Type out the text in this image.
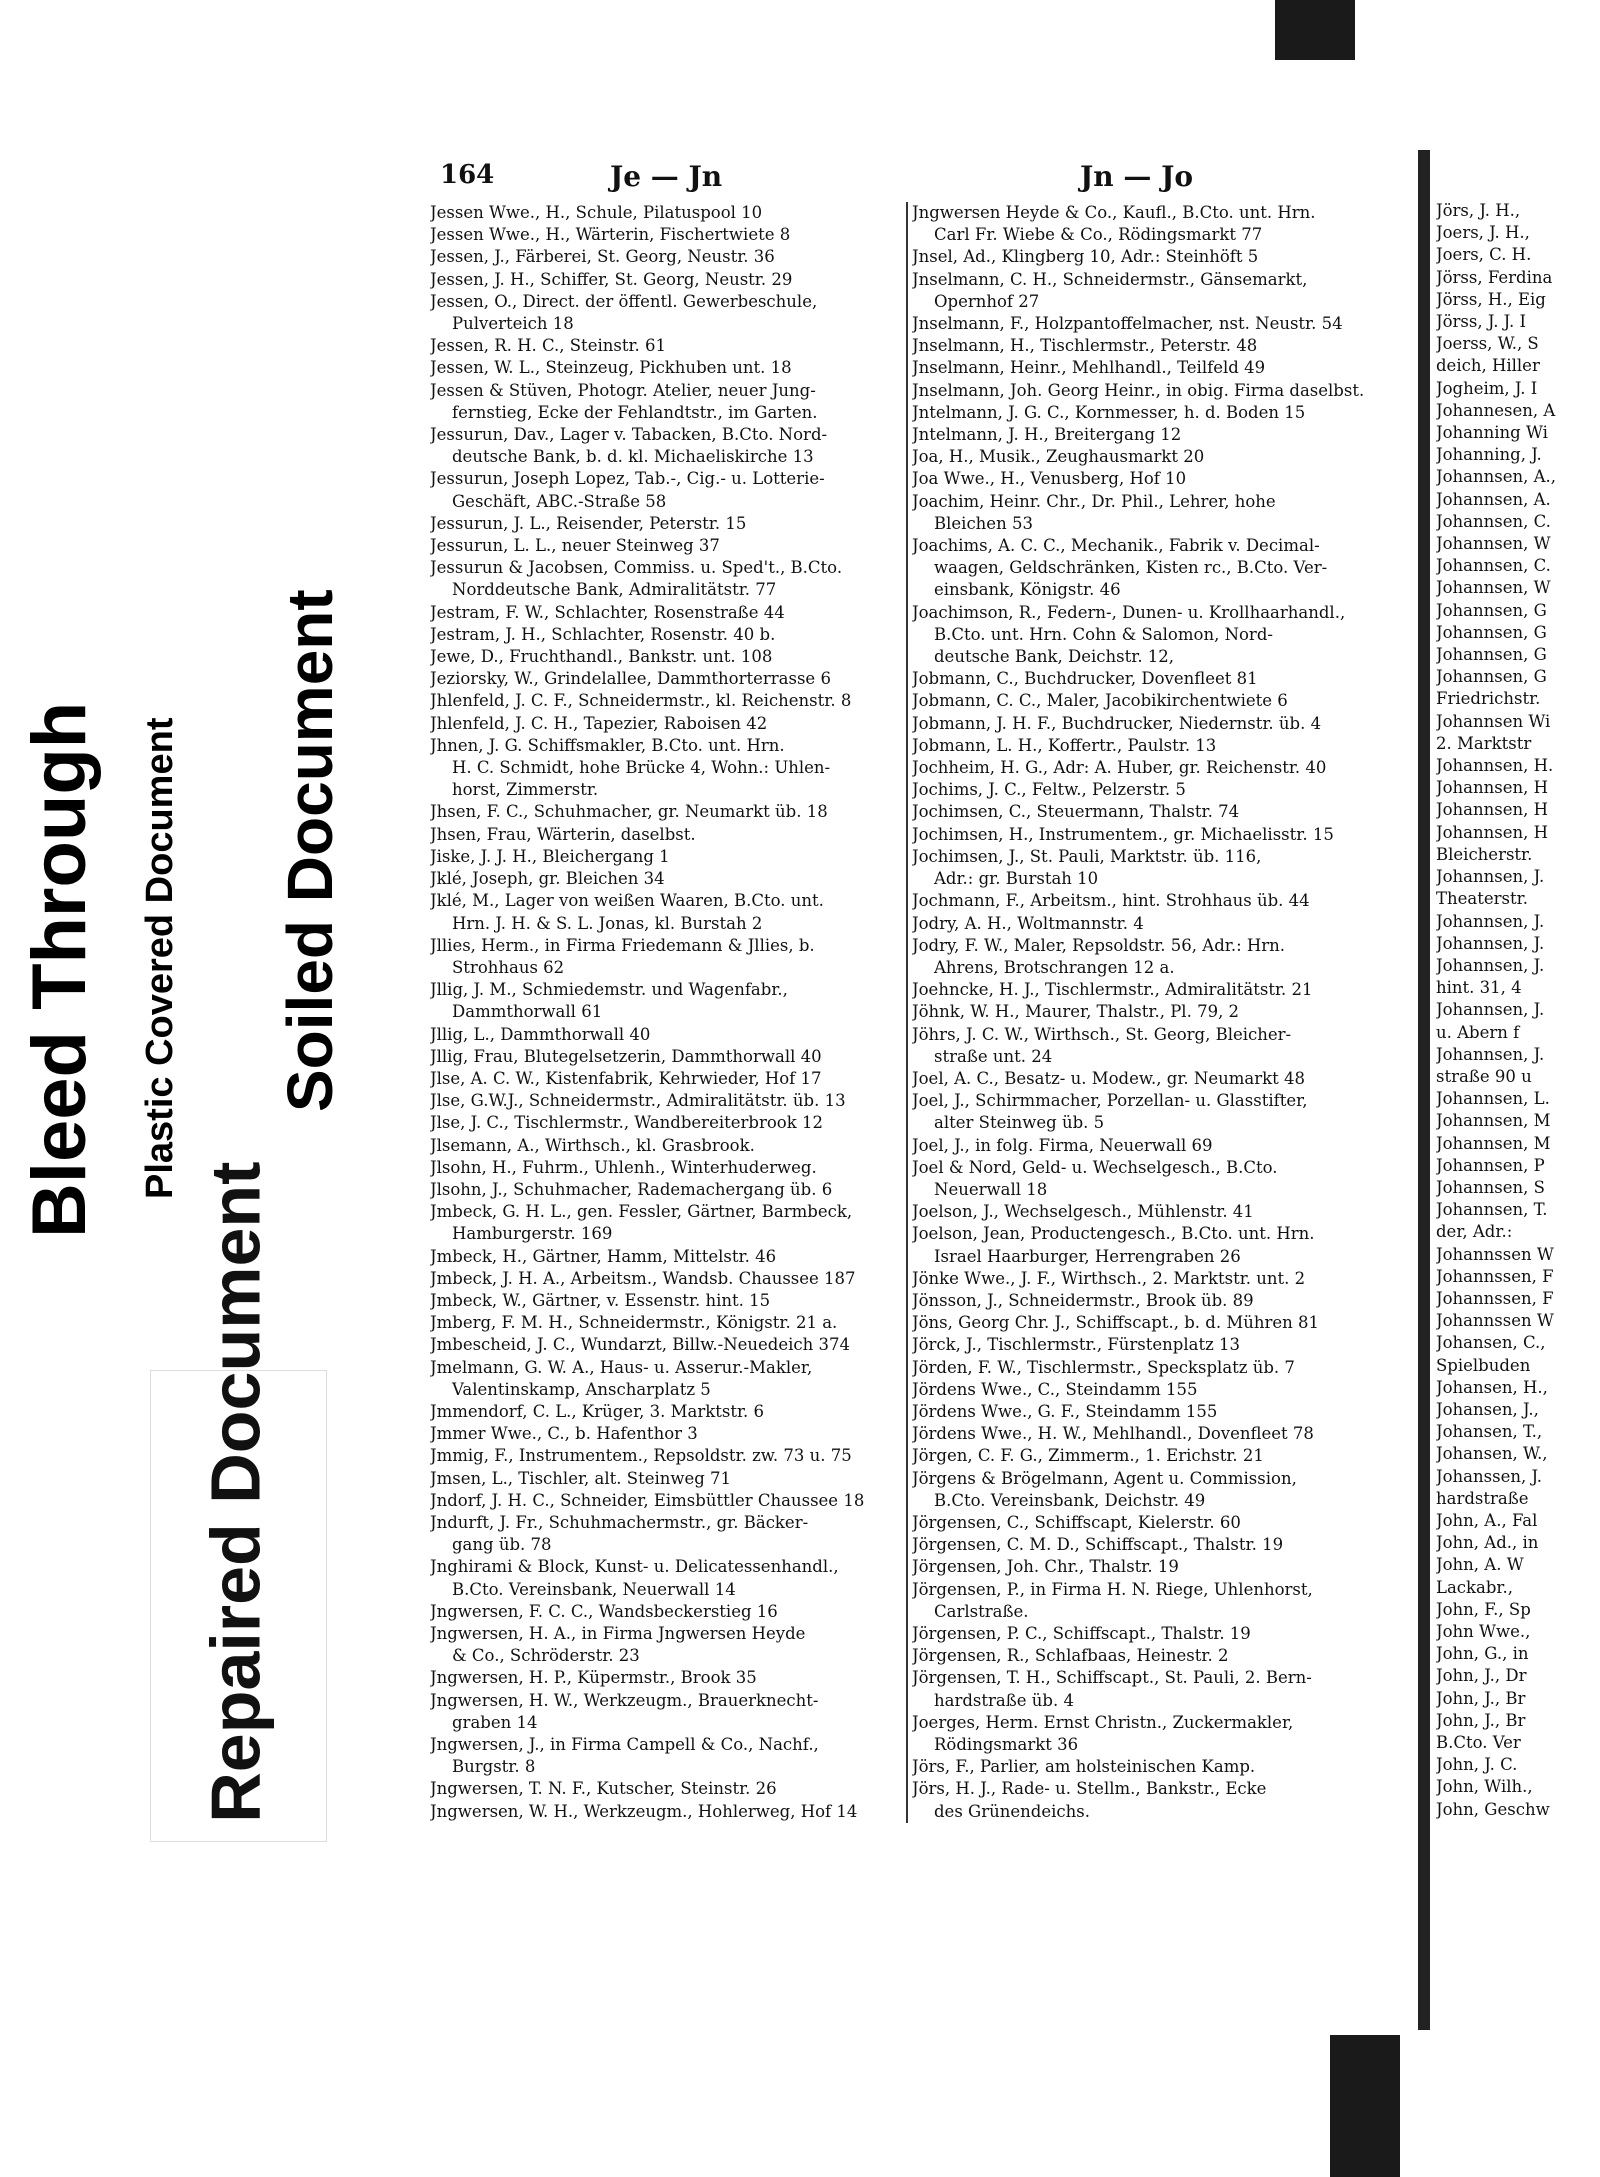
Bleed Through Plastic Covered Document Soiled Document
Repaired Document
164	Je — Jn	Jn — Jo

Jessen Wwe., H., Schule, Pilatuspool 10

Jessen Wwe., H., Wärterin, Fischertwiete 8

Jessen, J., Färberei, St. Georg, Neustr. 36

Jessen, J. H., Schiffer, St. Georg, Neustr. 29

Jessen, O., Direct. der öffentl. Gewerbeschule,

Pulverteich 18

Jessen, R. H. C., Steinstr. 61

Jessen, W. L., Steinzeug, Pickhuben unt. 18

Jessen & Stüven, Photogr. Atelier, neuer Jung-

fernstieg, Ecke der Fehlandtstr., im Garten.

Jessurun, Dav., Lager v. Tabacken, B.Cto. Nord-

deutsche Bank, b. d. kl. Michaeliskirche 13

Jessurun, Joseph Lopez, Tab.-, Cig.- u. Lotterie-

Geschäft, ABC.-Straße 58

Jessurun, J. L., Reisender, Peterstr. 15

Jessurun, L. L., neuer Steinweg 37

Jessurun & Jacobsen, Commiss. u. Sped't., B.Cto.

Norddeutsche Bank, Admiralitätstr. 77

Jestram, F. W., Schlachter, Rosenstraße 44

Jestram, J. H., Schlachter, Rosenstr. 40 b.

Jewe, D., Fruchthandl., Bankstr. unt. 108

Jeziorsky, W., Grindelallee, Dammthorterrasse 6

Jhlenfeld, J. C. F., Schneidermstr., kl. Reichenstr. 8

Jhlenfeld, J. C. H., Tapezier, Raboisen 42

Jhnen, J. G. Schiffsmakler, B.Cto. unt. Hrn.

H. C. Schmidt, hohe Brücke 4, Wohn.: Uhlen-

horst, Zimmerstr.

Jhsen, F. C., Schuhmacher, gr. Neumarkt üb. 18

Jhsen, Frau, Wärterin, daselbst.

Jiske, J. J. H., Bleichergang 1

Jklé, Joseph, gr. Bleichen 34

Jklé, M., Lager von weißen Waaren, B.Cto. unt.

Hrn. J. H. & S. L. Jonas, kl. Burstah 2

Jllies, Herm., in Firma Friedemann & Jllies, b.

Strohhaus 62

Jllig, J. M., Schmiedemstr. und Wagenfabr.,

Dammthorwall 61

Jllig, L., Dammthorwall 40

Jllig, Frau, Blutegelsetzerin, Dammthorwall 40

Jlse, A. C. W., Kistenfabrik, Kehrwieder, Hof 17

Jlse, G.W.J., Schneidermstr., Admiralitätstr. üb. 13

Jlse, J. C., Tischlermstr., Wandbereiterbrook 12

Jlsemann, A., Wirthsch., kl. Grasbrook.

Jlsohn, H., Fuhrm., Uhlenh., Winterhuderweg.

Jlsohn, J., Schuhmacher, Rademachergang üb. 6

Jmbeck, G. H. L., gen. Fessler, Gärtner, Barmbeck,

Hamburgerstr. 169

Jmbeck, H., Gärtner, Hamm, Mittelstr. 46

Jmbeck, J. H. A., Arbeitsm., Wandsb. Chaussee 187

Jmbeck, W., Gärtner, v. Essenstr. hint. 15

Jmberg, F. M. H., Schneidermstr., Königstr. 21 a.

Jmbescheid, J. C., Wundarzt, Billw.-Neuedeich 374

Jmelmann, G. W. A., Haus- u. Asserur.-Makler,

Valentinskamp, Anscharplatz 5

Jmmendorf, C. L., Krüger, 3. Marktstr. 6

Jmmer Wwe., C., b. Hafenthor 3

Jmmig, F., Instrumentem., Repsoldstr. zw. 73 u. 75

Jmsen, L., Tischler, alt. Steinweg 71

Jndorf, J. H. C., Schneider, Eimsbüttler Chaussee 18

Jndurft, J. Fr., Schuhmachermstr., gr. Bäcker-

gang üb. 78

Jnghirami & Block, Kunst- u. Delicatessenhandl.,

B.Cto. Vereinsbank, Neuerwall 14

Jngwersen, F. C. C., Wandsbeckerstieg 16

Jngwersen, H. A., in Firma Jngwersen Heyde

& Co., Schröderstr. 23

Jngwersen, H. P., Küpermstr., Brook 35

Jngwersen, H. W., Werkzeugm., Brauerknecht-

graben 14

Jngwersen, J., in Firma Campell & Co., Nachf.,

Burgstr. 8

Jngwersen, T. N. F., Kutscher, Steinstr. 26

Jngwersen, W. H., Werkzeugm., Hohlerweg, Hof 14

Jngwersen Heyde & Co., Kaufl., B.Cto. unt. Hrn.

Carl Fr. Wiebe & Co., Rödingsmarkt 77

Jnsel, Ad., Klingberg 10, Adr.: Steinhöft 5

Jnselmann, C. H., Schneidermstr., Gänsemarkt,

Opernhof 27

Jnselmann, F., Holzpantoffelmacher, nst. Neustr. 54

Jnselmann, H., Tischlermstr., Peterstr. 48

Jnselmann, Heinr., Mehlhandl., Teilfeld 49

Jnselmann, Joh. Georg Heinr., in obig. Firma daselbst.

Jntelmann, J. G. C., Kornmesser, h. d. Boden 15

Jntelmann, J. H., Breitergang 12

Joa, H., Musik., Zeughausmarkt 20

Joa Wwe., H., Venusberg, Hof 10

Joachim, Heinr. Chr., Dr. Phil., Lehrer, hohe

Bleichen 53

Joachims, A. C. C., Mechanik., Fabrik v. Decimal-

waagen, Geldschränken, Kisten rc., B.Cto. Ver-

einsbank, Königstr. 46

Joachimson, R., Federn-, Dunen- u. Krollhaarhandl.,

B.Cto. unt. Hrn. Cohn & Salomon, Nord-

deutsche Bank, Deichstr. 12,

Jobmann, C., Buchdrucker, Dovenfleet 81

Jobmann, C. C., Maler, Jacobikirchentwiete 6

Jobmann, J. H. F., Buchdrucker, Niedernstr. üb. 4

Jobmann, L. H., Koffertr., Paulstr. 13

Jochheim, H. G., Adr: A. Huber, gr. Reichenstr. 40

Jochims, J. C., Feltw., Pelzerstr. 5

Jochimsen, C., Steuermann, Thalstr. 74

Jochimsen, H., Instrumentem., gr. Michaelisstr. 15

Jochimsen, J., St. Pauli, Marktstr. üb. 116,

Adr.: gr. Burstah 10

Jochmann, F., Arbeitsm., hint. Strohhaus üb. 44

Jodry, A. H., Woltmannstr. 4

Jodry, F. W., Maler, Repsoldstr. 56, Adr.: Hrn.

Ahrens, Brotschrangen 12 a.

Joehncke, H. J., Tischlermstr., Admiralitätstr. 21

Jöhnk, W. H., Maurer, Thalstr., Pl. 79, 2

Jöhrs, J. C. W., Wirthsch., St. Georg, Bleicher-

straße unt. 24

Joel, A. C., Besatz- u. Modew., gr. Neumarkt 48

Joel, J., Schirmmacher, Porzellan- u. Glasstifter,

alter Steinweg üb. 5

Joel, J., in folg. Firma, Neuerwall 69

Joel & Nord, Geld- u. Wechselgesch., B.Cto.

Neuerwall 18

Joelson, J., Wechselgesch., Mühlenstr. 41

Joelson, Jean, Productengesch., B.Cto. unt. Hrn.

Israel Haarburger, Herrengraben 26

Jönke Wwe., J. F., Wirthsch., 2. Marktstr. unt. 2

Jönsson, J., Schneidermstr., Brook üb. 89

Jöns, Georg Chr. J., Schiffscapt., b. d. Mühren 81

Jörck, J., Tischlermstr., Fürstenplatz 13

Jörden, F. W., Tischlermstr., Specksplatz üb. 7

Jördens Wwe., C., Steindamm 155

Jördens Wwe., G. F., Steindamm 155

Jördens Wwe., H. W., Mehlhandl., Dovenfleet 78

Jörgen, C. F. G., Zimmerm., 1. Erichstr. 21

Jörgens & Brögelmann, Agent u. Commission,

B.Cto. Vereinsbank, Deichstr. 49

Jörgensen, C., Schiffscapt, Kielerstr. 60

Jörgensen, C. M. D., Schiffscapt., Thalstr. 19

Jörgensen, Joh. Chr., Thalstr. 19

Jörgensen, P., in Firma H. N. Riege, Uhlenhorst,

Carlstraße.

Jörgensen, P. C., Schiffscapt., Thalstr. 19

Jörgensen, R., Schlafbaas, Heinestr. 2

Jörgensen, T. H., Schiffscapt., St. Pauli, 2. Bern-

hardstraße üb. 4

Joerges, Herm. Ernst Christn., Zuckermakler,

Rödingsmarkt 36

Jörs, F., Parlier, am holsteinischen Kamp.

Jörs, H. J., Rade- u. Stellm., Bankstr., Ecke

des Grünendeichs.

Jörs, J. H.,

Joers, J. H.,

Joers, C. H.

Jörss, Ferdina

Jörss, H., Eig

Jörss, J. J. I

Joerss, W., S

deich, Hiller

Jogheim, J. I

Johannesen, A

Johanning Wi

Johanning, J.

Johannsen, A.,

Johannsen, A.

Johannsen, C.

Johannsen, W

Johannsen, C.

Johannsen, W

Johannsen, G

Johannsen, G

Johannsen, G

Johannsen, G

Friedrichstr.

Johannsen Wi

2. Marktstr

Johannsen, H.

Johannsen, H

Johannsen, H

Johannsen, H

Bleicherstr.

Johannsen, J.

Theaterstr.

Johannsen, J.

Johannsen, J.

Johannsen, J.

hint. 31, 4

Johannsen, J.

u. Abern f

Johannsen, J.

straße 90 u

Johannsen, L.

Johannsen, M

Johannsen, M

Johannsen, P

Johannsen, S

Johannsen, T.

der, Adr.:

Johannssen W

Johannssen, F

Johannssen, F

Johannssen W

Johansen, C.,

Spielbuden

Johansen, H.,

Johansen, J.,

Johansen, T.,

Johansen, W.,

Johanssen, J.

hardstraße

John, A., Fal

John, Ad., in

John, A. W

Lackabr.,

John, F., Sp

John Wwe.,

John, G., in

John, J., Dr

John, J., Br

John, J., Br

B.Cto. Ver

John, J. C.

John, Wilh.,

John, Geschw
